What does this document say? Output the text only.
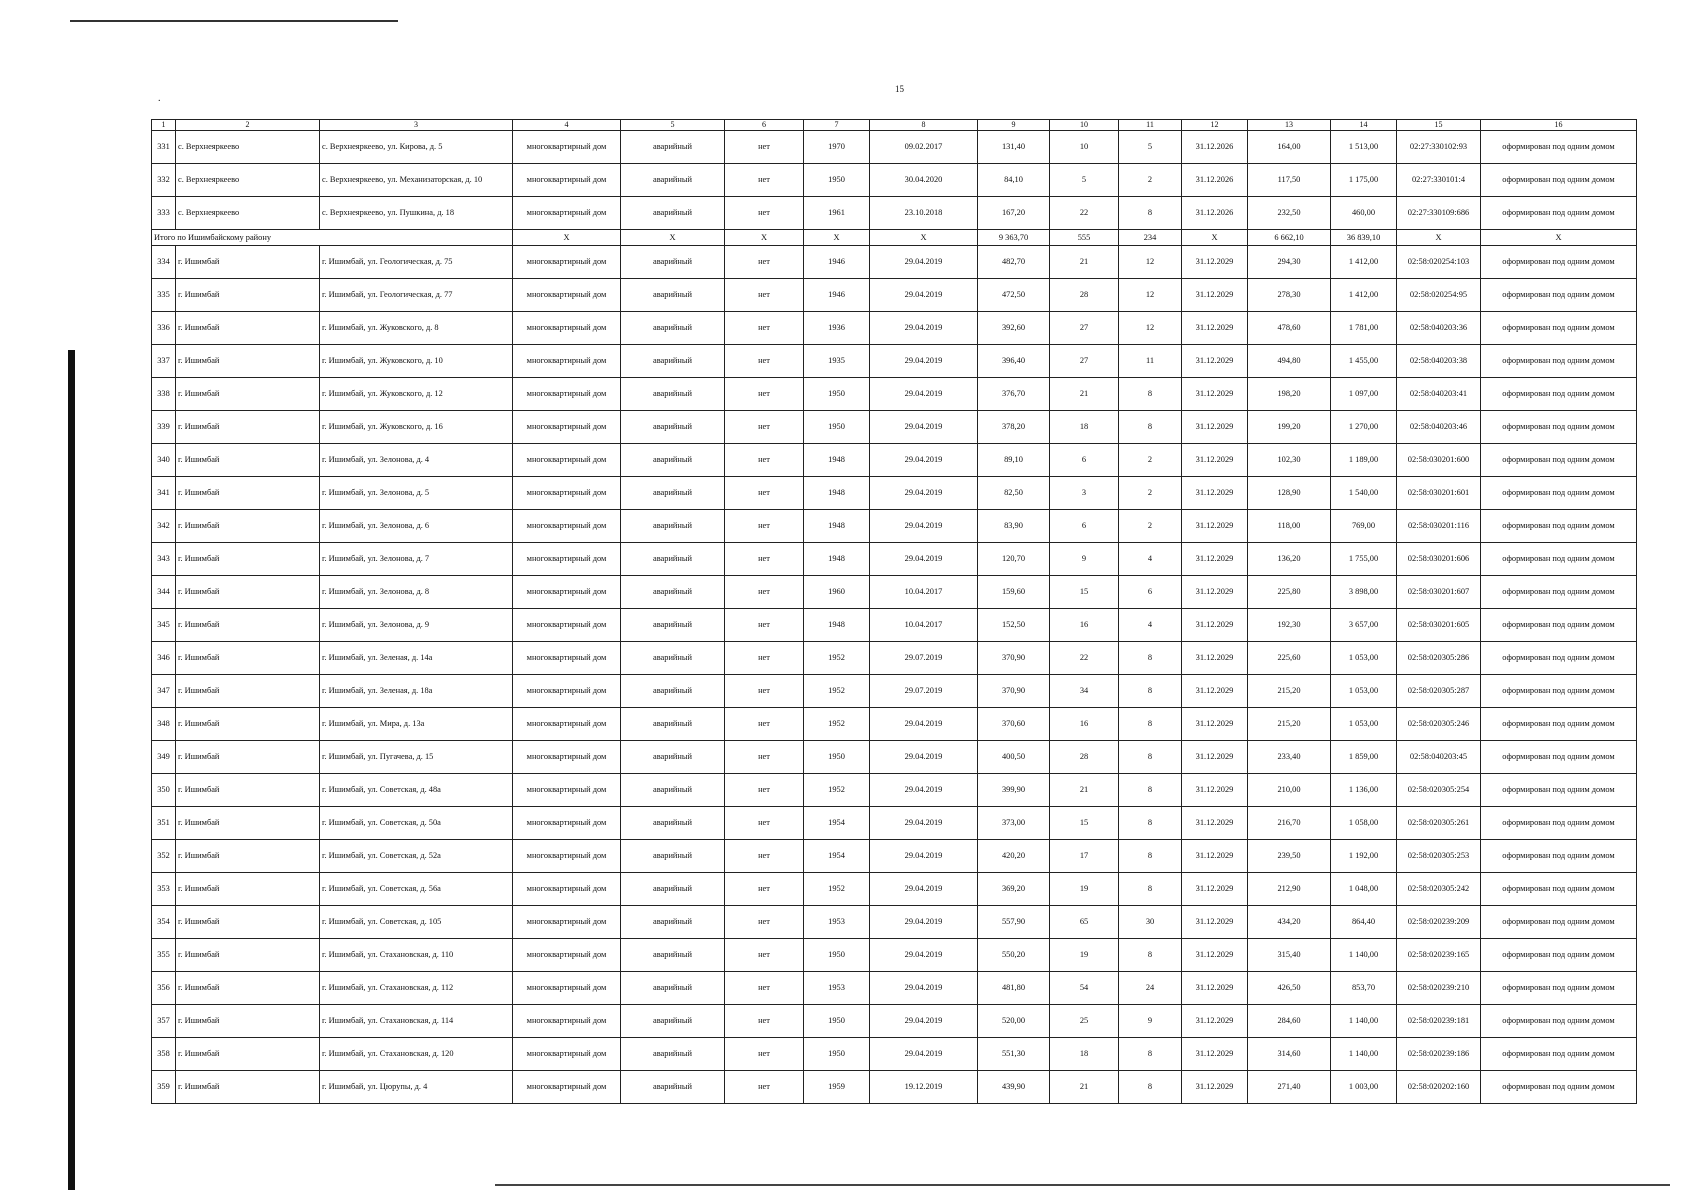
.
15
1	2	3	4	5	6	7	8	9	10	11	12	13	14	15	16
331	с. Верхнеяркеево	с. Верхнеяркеево, ул. Кирова, д. 5	многоквартирный дом	аварийный	нет	1970	09.02.2017	131,40	10	5	31.12.2026	164,00	1 513,00	02:27:330102:93	оформирован под одним домом
332	с. Верхнеяркеево	с. Верхнеяркеево, ул. Механизаторская, д. 10	многоквартирный дом	аварийный	нет	1950	30.04.2020	84,10	5	2	31.12.2026	117,50	1 175,00	02:27:330101:4	оформирован под одним домом
333	с. Верхнеяркеево	с. Верхнеяркеево, ул. Пушкина, д. 18	многоквартирный дом	аварийный	нет	1961	23.10.2018	167,20	22	8	31.12.2026	232,50	460,00	02:27:330109:686	оформирован под одним домом
Итого по Ишимбайскому району			X	X	X	X	X	9 363,70	555	234	X	6 662,10	36 839,10	X	X
334	г. Ишимбай	г. Ишимбай, ул. Геологическая, д. 75	многоквартирный дом	аварийный	нет	1946	29.04.2019	482,70	21	12	31.12.2029	294,30	1 412,00	02:58:020254:103	оформирован под одним домом
335	г. Ишимбай	г. Ишимбай, ул. Геологическая, д. 77	многоквартирный дом	аварийный	нет	1946	29.04.2019	472,50	28	12	31.12.2029	278,30	1 412,00	02:58:020254:95	оформирован под одним домом
336	г. Ишимбай	г. Ишимбай, ул. Жуковского, д. 8	многоквартирный дом	аварийный	нет	1936	29.04.2019	392,60	27	12	31.12.2029	478,60	1 781,00	02:58:040203:36	оформирован под одним домом
337	г. Ишимбай	г. Ишимбай, ул. Жуковского, д. 10	многоквартирный дом	аварийный	нет	1935	29.04.2019	396,40	27	11	31.12.2029	494,80	1 455,00	02:58:040203:38	оформирован под одним домом
338	г. Ишимбай	г. Ишимбай, ул. Жуковского, д. 12	многоквартирный дом	аварийный	нет	1950	29.04.2019	376,70	21	8	31.12.2029	198,20	1 097,00	02:58:040203:41	оформирован под одним домом
339	г. Ишимбай	г. Ишимбай, ул. Жуковского, д. 16	многоквартирный дом	аварийный	нет	1950	29.04.2019	378,20	18	8	31.12.2029	199,20	1 270,00	02:58:040203:46	оформирован под одним домом
340	г. Ишимбай	г. Ишимбай, ул. Зелонова, д. 4	многоквартирный дом	аварийный	нет	1948	29.04.2019	89,10	6	2	31.12.2029	102,30	1 189,00	02:58:030201:600	оформирован под одним домом
341	г. Ишимбай	г. Ишимбай, ул. Зелонова, д. 5	многоквартирный дом	аварийный	нет	1948	29.04.2019	82,50	3	2	31.12.2029	128,90	1 540,00	02:58:030201:601	оформирован под одним домом
342	г. Ишимбай	г. Ишимбай, ул. Зелонова, д. 6	многоквартирный дом	аварийный	нет	1948	29.04.2019	83,90	6	2	31.12.2029	118,00	769,00	02:58:030201:116	оформирован под одним домом
343	г. Ишимбай	г. Ишимбай, ул. Зелонова, д. 7	многоквартирный дом	аварийный	нет	1948	29.04.2019	120,70	9	4	31.12.2029	136,20	1 755,00	02:58:030201:606	оформирован под одним домом
344	г. Ишимбай	г. Ишимбай, ул. Зелонова, д. 8	многоквартирный дом	аварийный	нет	1960	10.04.2017	159,60	15	6	31.12.2029	225,80	3 898,00	02:58:030201:607	оформирован под одним домом
345	г. Ишимбай	г. Ишимбай, ул. Зелонова, д. 9	многоквартирный дом	аварийный	нет	1948	10.04.2017	152,50	16	4	31.12.2029	192,30	3 657,00	02:58:030201:605	оформирован под одним домом
346	г. Ишимбай	г. Ишимбай, ул. Зеленая, д. 14а	многоквартирный дом	аварийный	нет	1952	29.07.2019	370,90	22	8	31.12.2029	225,60	1 053,00	02:58:020305:286	оформирован под одним домом
347	г. Ишимбай	г. Ишимбай, ул. Зеленая, д. 18а	многоквартирный дом	аварийный	нет	1952	29.07.2019	370,90	34	8	31.12.2029	215,20	1 053,00	02:58:020305:287	оформирован под одним домом
348	г. Ишимбай	г. Ишимбай, ул. Мира, д. 13а	многоквартирный дом	аварийный	нет	1952	29.04.2019	370,60	16	8	31.12.2029	215,20	1 053,00	02:58:020305:246	оформирован под одним домом
349	г. Ишимбай	г. Ишимбай, ул. Пугачева, д. 15	многоквартирный дом	аварийный	нет	1950	29.04.2019	400,50	28	8	31.12.2029	233,40	1 859,00	02:58:040203:45	оформирован под одним домом
350	г. Ишимбай	г. Ишимбай, ул. Советская, д. 48а	многоквартирный дом	аварийный	нет	1952	29.04.2019	399,90	21	8	31.12.2029	210,00	1 136,00	02:58:020305:254	оформирован под одним домом
351	г. Ишимбай	г. Ишимбай, ул. Советская, д. 50а	многоквартирный дом	аварийный	нет	1954	29.04.2019	373,00	15	8	31.12.2029	216,70	1 058,00	02:58:020305:261	оформирован под одним домом
352	г. Ишимбай	г. Ишимбай, ул. Советская, д. 52а	многоквартирный дом	аварийный	нет	1954	29.04.2019	420,20	17	8	31.12.2029	239,50	1 192,00	02:58:020305:253	оформирован под одним домом
353	г. Ишимбай	г. Ишимбай, ул. Советская, д. 56а	многоквартирный дом	аварийный	нет	1952	29.04.2019	369,20	19	8	31.12.2029	212,90	1 048,00	02:58:020305:242	оформирован под одним домом
354	г. Ишимбай	г. Ишимбай, ул. Советская, д. 105	многоквартирный дом	аварийный	нет	1953	29.04.2019	557,90	65	30	31.12.2029	434,20	864,40	02:58:020239:209	оформирован под одним домом
355	г. Ишимбай	г. Ишимбай, ул. Стахановская, д. 110	многоквартирный дом	аварийный	нет	1950	29.04.2019	550,20	19	8	31.12.2029	315,40	1 140,00	02:58:020239:165	оформирован под одним домом
356	г. Ишимбай	г. Ишимбай, ул. Стахановская, д. 112	многоквартирный дом	аварийный	нет	1953	29.04.2019	481,80	54	24	31.12.2029	426,50	853,70	02:58:020239:210	оформирован под одним домом
357	г. Ишимбай	г. Ишимбай, ул. Стахановская, д. 114	многоквартирный дом	аварийный	нет	1950	29.04.2019	520,00	25	9	31.12.2029	284,60	1 140,00	02:58:020239:181	оформирован под одним домом
358	г. Ишимбай	г. Ишимбай, ул. Стахановская, д. 120	многоквартирный дом	аварийный	нет	1950	29.04.2019	551,30	18	8	31.12.2029	314,60	1 140,00	02:58:020239:186	оформирован под одним домом
359	г. Ишимбай	г. Ишимбай, ул. Цюрупы, д. 4	многоквартирный дом	аварийный	нет	1959	19.12.2019	439,90	21	8	31.12.2029	271,40	1 003,00	02:58:020202:160	оформирован под одним домом
